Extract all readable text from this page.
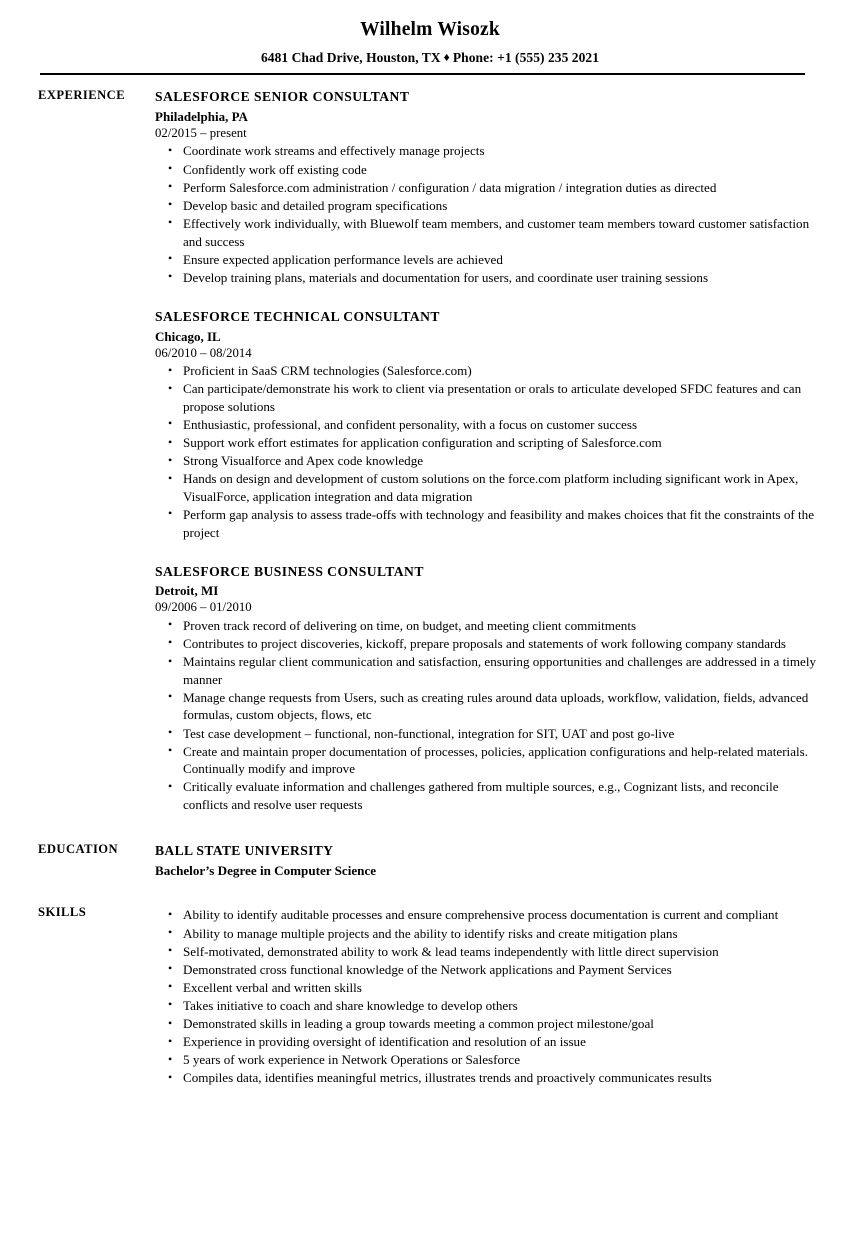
Wilhelm Wisozk
6481 Chad Drive, Houston, TX ♦ Phone: +1 (555) 235 2021
EXPERIENCE	SALESFORCE SENIOR CONSULTANT
Philadelphia, PA
02/2015 – present
• Coordinate work streams and effectively manage projects
• Confidently work off existing code
• Perform Salesforce.com administration / configuration / data migration / integration duties as directed
• Develop basic and detailed program specifications
• Effectively work individually, with Bluewolf team members, and customer team members toward customer satisfaction and success
• Ensure expected application performance levels are achieved
• Develop training plans, materials and documentation for users, and coordinate user training sessions
SALESFORCE TECHNICAL CONSULTANT
Chicago, IL
06/2010 – 08/2014
• Proficient in SaaS CRM technologies (Salesforce.com)
• Can participate/demonstrate his work to client via presentation or orals to articulate developed SFDC features and can propose solutions
• Enthusiastic, professional, and confident personality, with a focus on customer success
• Support work effort estimates for application configuration and scripting of Salesforce.com
• Strong Visualforce and Apex code knowledge
• Hands on design and development of custom solutions on the force.com platform including significant work in Apex, VisualForce, application integration and data migration
• Perform gap analysis to assess trade-offs with technology and feasibility and makes choices that fit the constraints of the project
SALESFORCE BUSINESS CONSULTANT
Detroit, MI
09/2006 – 01/2010
• Proven track record of delivering on time, on budget, and meeting client commitments
• Contributes to project discoveries, kickoff, prepare proposals and statements of work following company standards
• Maintains regular client communication and satisfaction, ensuring opportunities and challenges are addressed in a timely manner
• Manage change requests from Users, such as creating rules around data uploads, workflow, validation, fields, advanced formulas, custom objects, flows, etc
• Test case development – functional, non-functional, integration for SIT, UAT and post go-live
• Create and maintain proper documentation of processes, policies, application configurations and help-related materials. Continually modify and improve
• Critically evaluate information and challenges gathered from multiple sources, e.g., Cognizant lists, and reconcile conflicts and resolve user requests
EDUCATION	BALL STATE UNIVERSITY
Bachelor’s Degree in Computer Science
SKILLS	• Ability to identify auditable processes and ensure comprehensive process documentation is current and compliant
• Ability to manage multiple projects and the ability to identify risks and create mitigation plans
• Self-motivated, demonstrated ability to work & lead teams independently with little direct supervision
• Demonstrated cross functional knowledge of the Network applications and Payment Services
• Excellent verbal and written skills
• Takes initiative to coach and share knowledge to develop others
• Demonstrated skills in leading a group towards meeting a common project milestone/goal
• Experience in providing oversight of identification and resolution of an issue
• 5 years of work experience in Network Operations or Salesforce
• Compiles data, identifies meaningful metrics, illustrates trends and proactively communicates results
